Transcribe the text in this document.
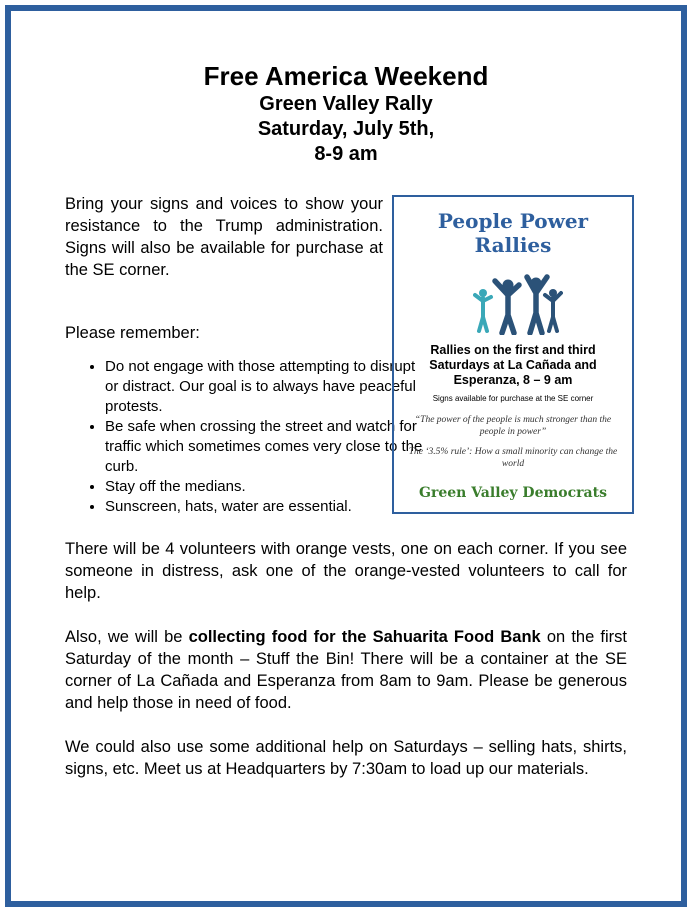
Free America Weekend
Green Valley Rally
Saturday, July 5th,
8-9 am
Bring your signs and voices to show your resistance to the Trump administration. Signs will also be available for purchase at the SE corner.
Please remember:
• Do not engage with those attempting to disrupt or distract. Our goal is to always have peaceful protests.
• Be safe when crossing the street and watch for traffic which sometimes comes very close to the curb.
• Stay off the medians.
• Sunscreen, hats, water are essential.
People Power
Rallies
Rallies on the first and third Saturdays at La Cañada and Esperanza, 8 – 9 am
Signs available for purchase at the SE corner
“The power of the people is much stronger than the people in power”
The ‘3.5% rule’: How a small minority can change the world
Green Valley Democrats
There will be 4 volunteers with orange vests, one on each corner. If you see someone in distress, ask one of the orange-vested volunteers to call for help.
Also, we will be collecting food for the Sahuarita Food Bank on the first Saturday of the month – Stuff the Bin! There will be a container at the SE corner of La Cañada and Esperanza from 8am to 9am. Please be generous and help those in need of food.
We could also use some additional help on Saturdays – selling hats, shirts, signs, etc. Meet us at Headquarters by 7:30am to load up our materials.
